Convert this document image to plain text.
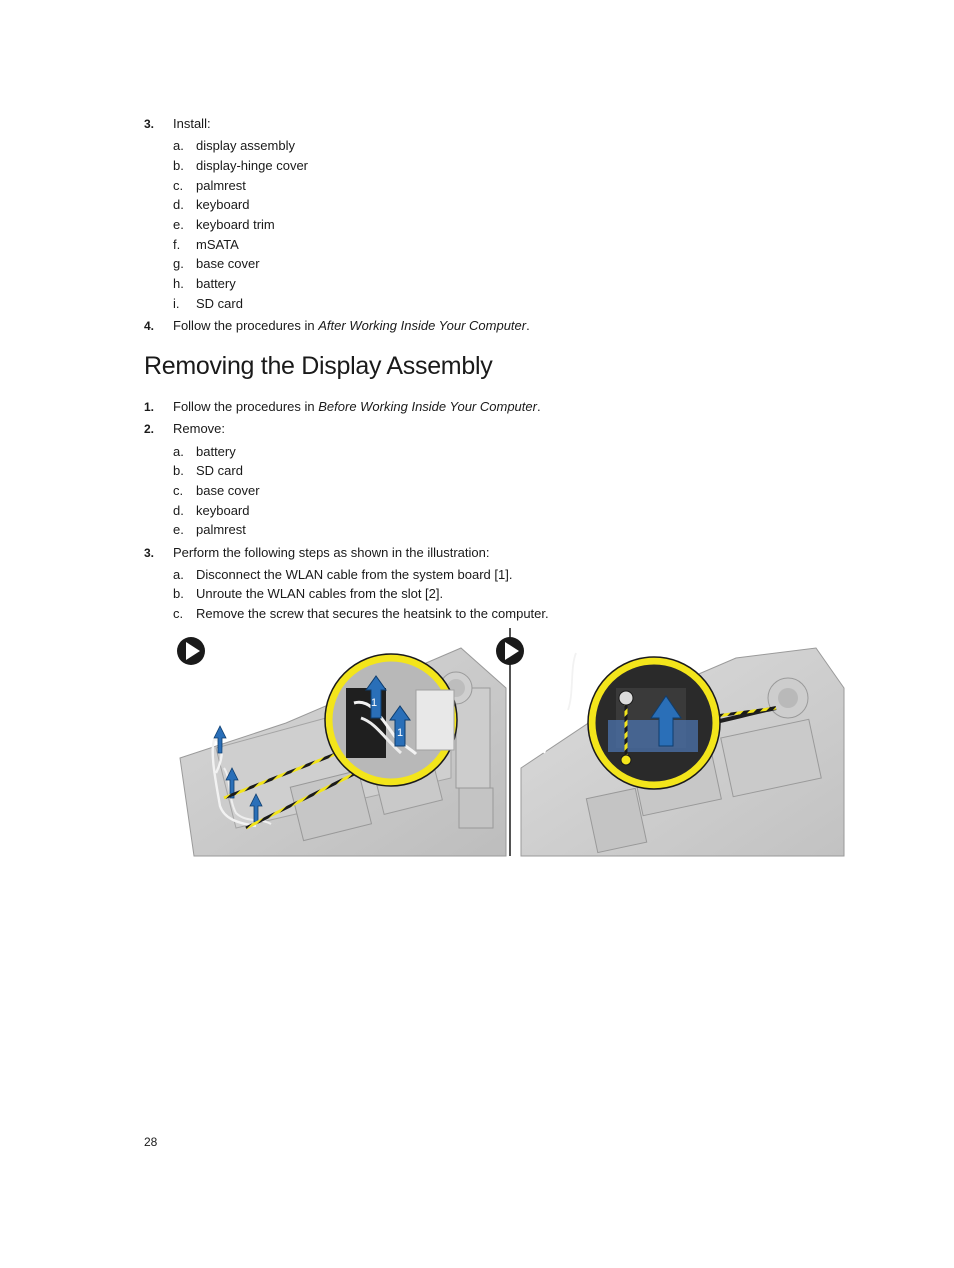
3. Install:
a. display assembly
b. display-hinge cover
c. palmrest
d. keyboard
e. keyboard trim
f. mSATA
g. base cover
h. battery
i. SD card
4. Follow the procedures in After Working Inside Your Computer.
Removing the Display Assembly
1. Follow the procedures in Before Working Inside Your Computer.
2. Remove:
a. battery
b. SD card
c. base cover
d. keyboard
e. palmrest
3. Perform the following steps as shown in the illustration:
a. Disconnect the WLAN cable from the system board [1].
b. Unroute the WLAN cables from the slot [2].
c. Remove the screw that secures the heatsink to the computer.
1
1
28
